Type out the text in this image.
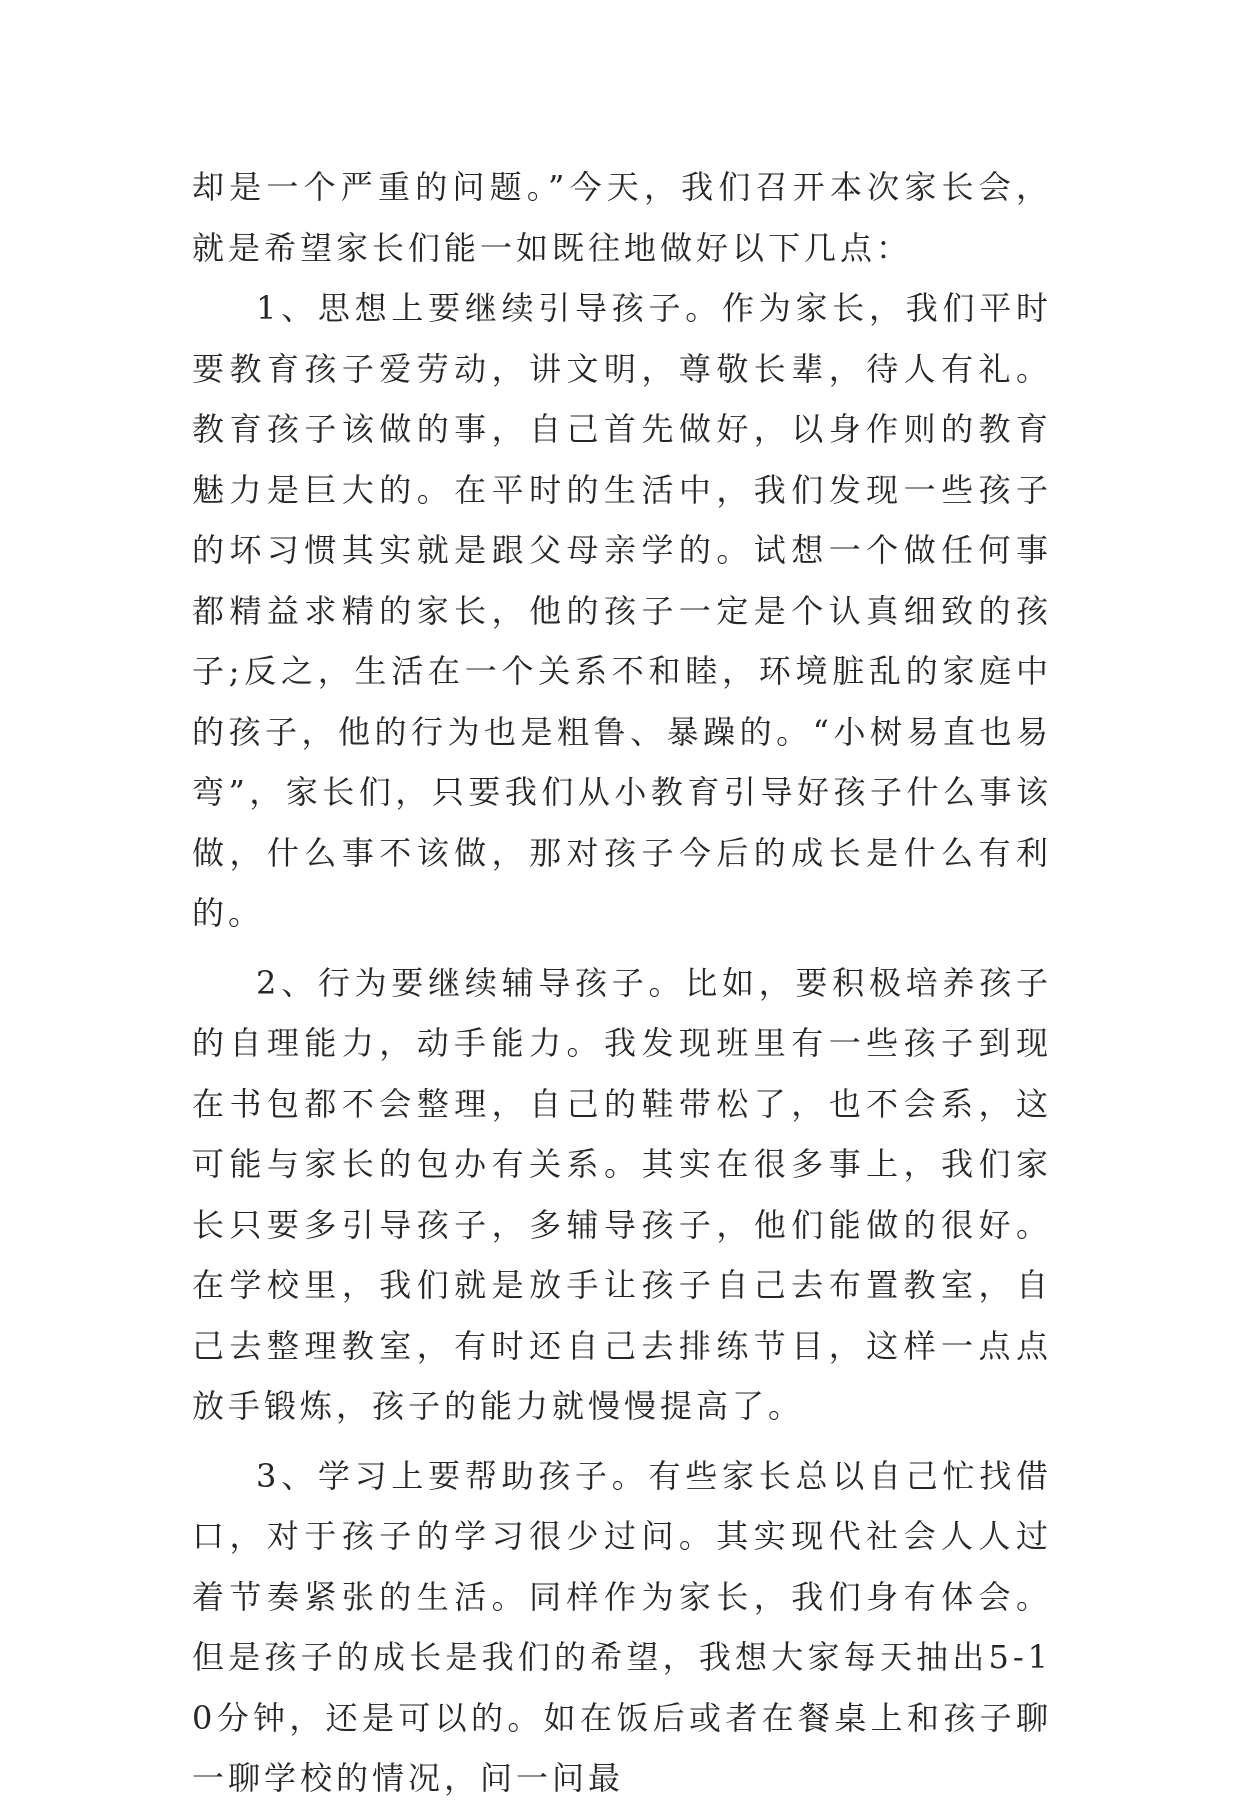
却是一个严重的问题。”今天，我们召开本次家长会，就是希望家长们能一如既往地做好以下几点：

1、思想上要继续引导孩子。作为家长，我们平时要教育孩子爱劳动，讲文明，尊敬长辈，待人有礼。教育孩子该做的事，自己首先做好，以身作则的教育魅力是巨大的。在平时的生活中，我们发现一些孩子的坏习惯其实就是跟父母亲学的。试想一个做任何事都精益求精的家长，他的孩子一定是个认真细致的孩子;反之，生活在一个关系不和睦，环境脏乱的家庭中的孩子，他的行为也是粗鲁、暴躁的。“小树易直也易弯”，家长们，只要我们从小教育引导好孩子什么事该做，什么事不该做，那对孩子今后的成长是什么有利的。

2、行为要继续辅导孩子。比如，要积极培养孩子的自理能力，动手能力。我发现班里有一些孩子到现在书包都不会整理，自己的鞋带松了，也不会系，这可能与家长的包办有关系。其实在很多事上，我们家长只要多引导孩子，多辅导孩子，他们能做的很好。在学校里，我们就是放手让孩子自己去布置教室，自己去整理教室，有时还自己去排练节目，这样一点点放手锻炼，孩子的能力就慢慢提高了。

3、学习上要帮助孩子。有些家长总以自己忙找借口，对于孩子的学习很少过问。其实现代社会人人过着节奏紧张的生活。同样作为家长，我们身有体会。但是孩子的成长是我们的希望，我想大家每天抽出5-10分钟，还是可以的。如在饭后或者在餐桌上和孩子聊一聊学校的情况，问一问最
